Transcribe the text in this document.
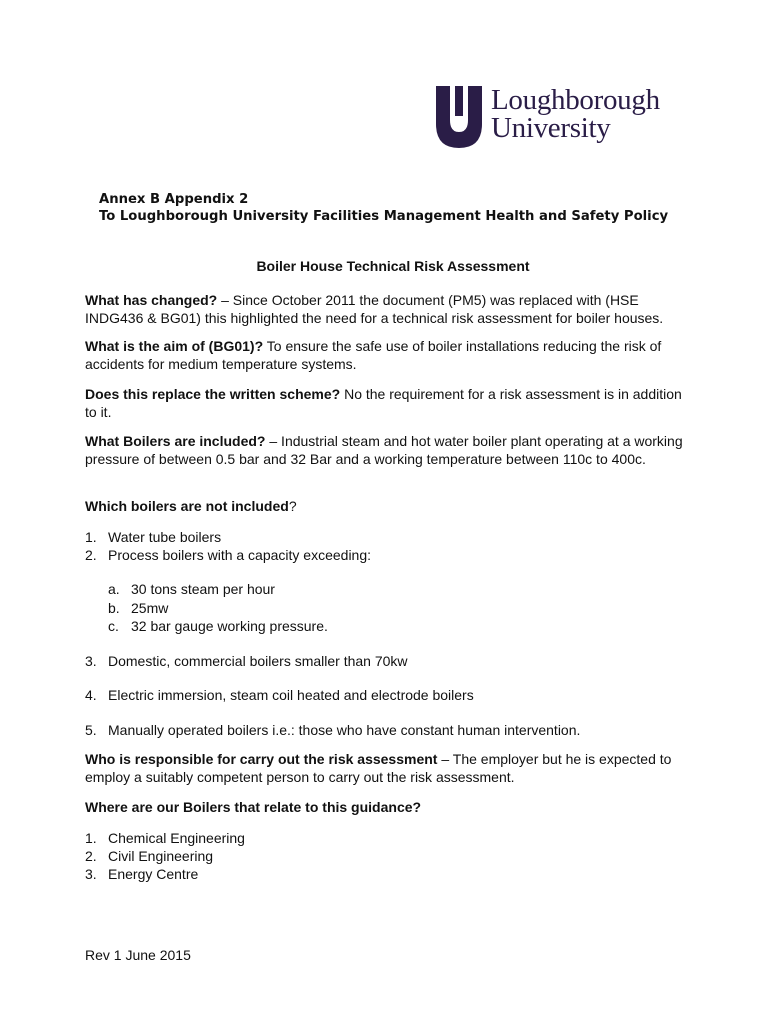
Loughborough
University
Annex B Appendix 2
To Loughborough University Facilities Management Health and Safety Policy
Boiler House Technical Risk Assessment
What has changed? – Since October 2011 the document (PM5) was replaced with (HSE INDG436 & BG01) this highlighted the need for a technical risk assessment for boiler houses.
What is the aim of (BG01)? To ensure the safe use of boiler installations reducing the risk of accidents for medium temperature systems.
Does this replace the written scheme? No the requirement for a risk assessment is in addition to it.
What Boilers are included? – Industrial steam and hot water boiler plant operating at a working pressure of between 0.5 bar and 32 Bar and a working temperature between 110c to 400c.
Which boilers are not included?
1. Water tube boilers
2. Process boilers with a capacity exceeding:
a. 30 tons steam per hour
b. 25mw
c. 32 bar gauge working pressure.
3. Domestic, commercial boilers smaller than 70kw
4. Electric immersion, steam coil heated and electrode boilers
5. Manually operated boilers i.e.: those who have constant human intervention.
Who is responsible for carry out the risk assessment – The employer but he is expected to employ a suitably competent person to carry out the risk assessment.
Where are our Boilers that relate to this guidance?
1. Chemical Engineering
2. Civil Engineering
3. Energy Centre
Rev 1 June 2015
